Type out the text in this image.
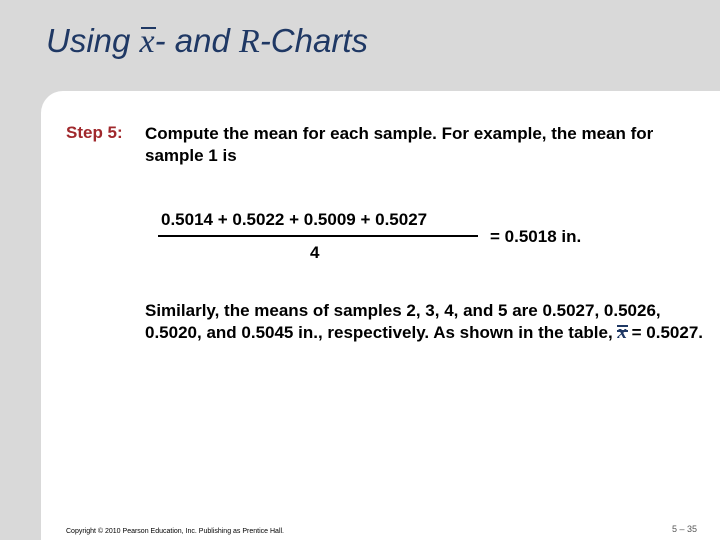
Using x- and R-Charts
Step 5: Compute the mean for each sample. For example, the mean for sample 1 is
0.5014 + 0.5022 + 0.5009 + 0.5027
4
= 0.5018 in.
Similarly, the means of samples 2, 3, 4, and 5 are 0.5027, 0.5026, 0.5020, and 0.5045 in., respectively. As shown in the table, x = 0.5027.
Copyright © 2010 Pearson Education, Inc. Publishing as Prentice Hall.	5 – 35
